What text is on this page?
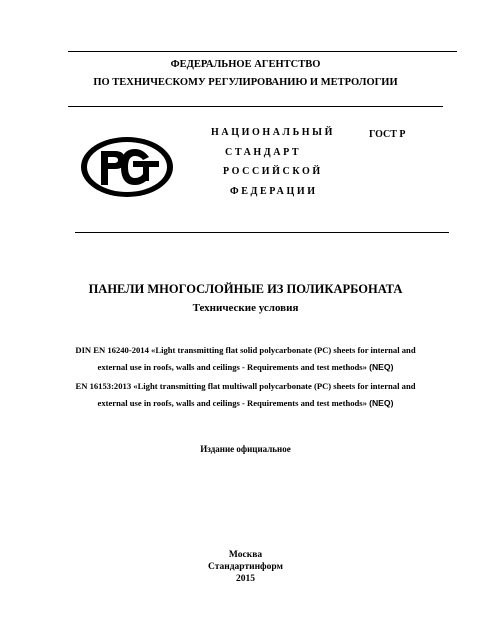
ФЕДЕРАЛЬНОЕ АГЕНТСТВО
ПО ТЕХНИЧЕСКОМУ РЕГУЛИРОВАНИЮ И МЕТРОЛОГИИ
НАЦИОНАЛЬНЫЙ
СТАНДАРТ
РОССИЙСКОЙ
ФЕДЕРАЦИИ
ГОСТ Р
ПАНЕЛИ МНОГОСЛОЙНЫЕ ИЗ ПОЛИКАРБОНАТА
Технические условия
DIN EN 16240-2014 «Light transmitting flat solid polycarbonate (PC) sheets for internal and
external use in roofs, walls and ceilings - Requirements and test methods» (NEQ)
EN 16153:2013 «Light transmitting flat multiwall polycarbonate (PC) sheets for internal and
external use in roofs, walls and ceilings - Requirements and test methods» (NEQ)
Издание официальное
Москва
Стандартинформ
2015
